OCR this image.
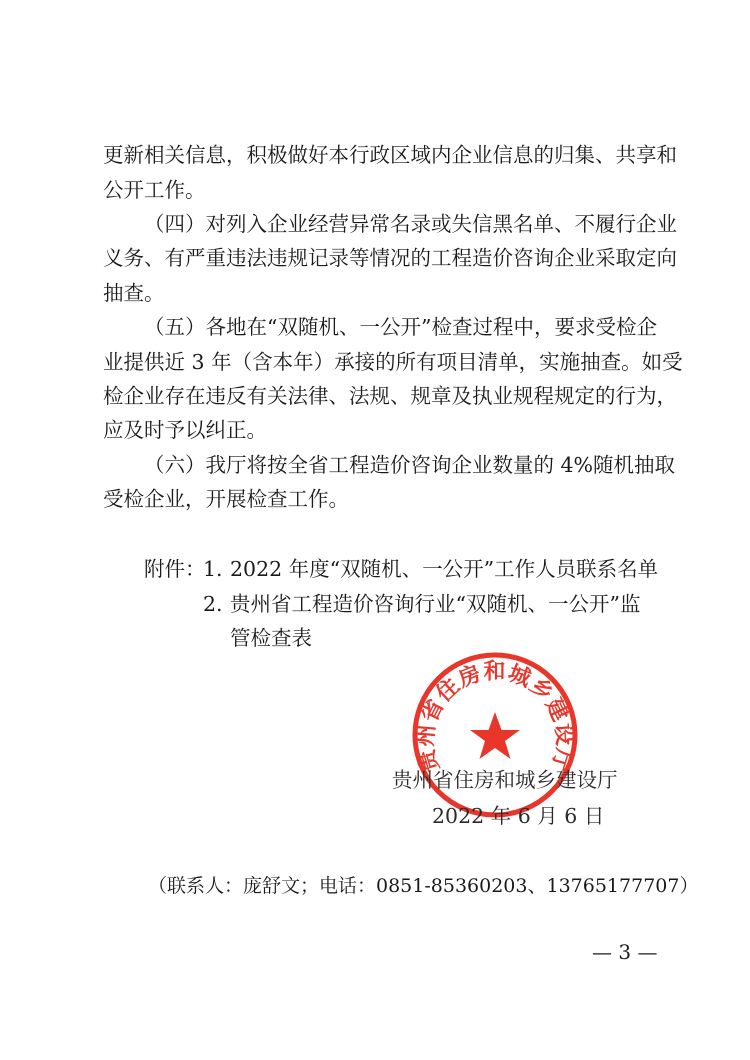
更新相关信息，积极做好本行政区域内企业信息的归集、共享和
公开工作。
（四）对列入企业经营异常名录或失信黑名单、不履行企业
义务、有严重违法违规记录等情况的工程造价咨询企业采取定向
抽查。
（五）各地在“双随机、一公开”检查过程中，要求受检企
业提供近 3 年（含本年）承接的所有项目清单，实施抽查。如受
检企业存在违反有关法律、法规、规章及执业规程规定的行为，
应及时予以纠正。
（六）我厅将按全省工程造价咨询企业数量的 4%随机抽取
受检企业，开展检查工作。
附件：
1. 2022 年度“双随机、一公开”工作人员联系名单
2. 贵州省工程造价咨询行业“双随机、一公开”监
管检查表
贵州省住房和城乡建设厅
贵州省住房和城乡建设厅
2022 年 6 月 6 日
（联系人：庞舒文；电话：0851-85360203、13765177707）
— 3 —
